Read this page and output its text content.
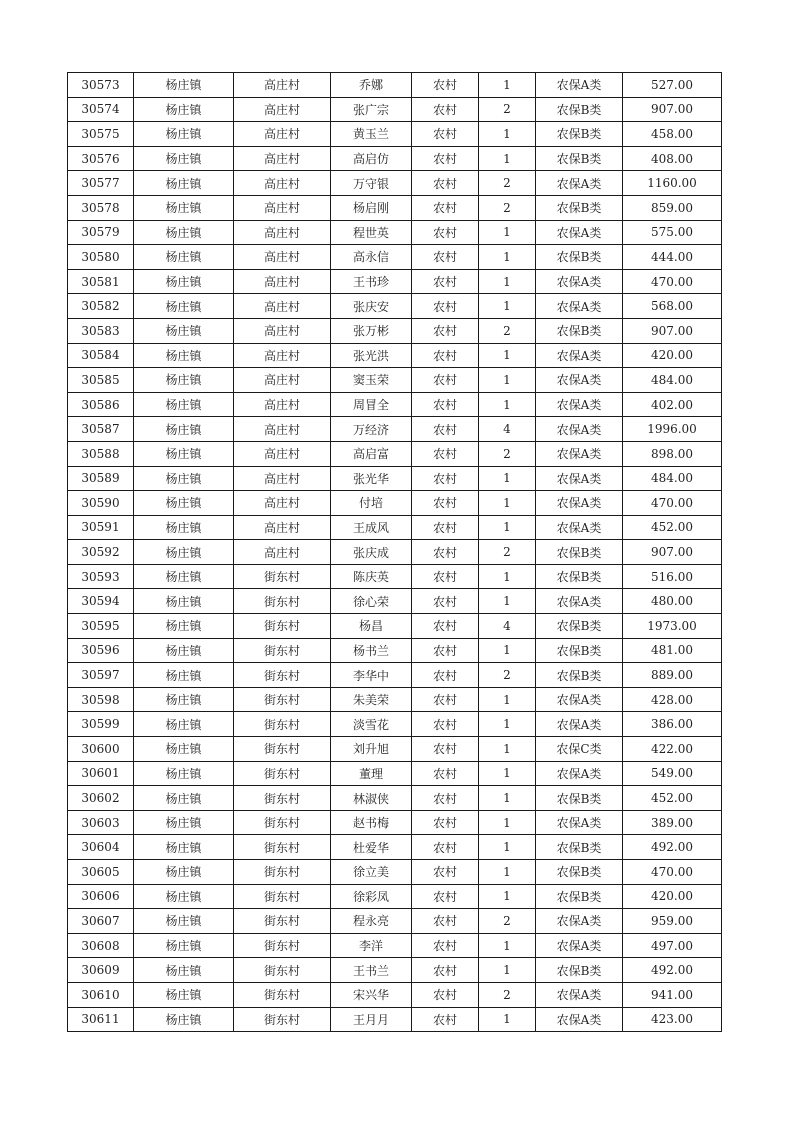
30573	杨庄镇	高庄村	乔娜	农村	1	农保A类	527.00
30574	杨庄镇	高庄村	张广宗	农村	2	农保B类	907.00
30575	杨庄镇	高庄村	黄玉兰	农村	1	农保B类	458.00
30576	杨庄镇	高庄村	高启仿	农村	1	农保B类	408.00
30577	杨庄镇	高庄村	万守银	农村	2	农保A类	1160.00
30578	杨庄镇	高庄村	杨启刚	农村	2	农保B类	859.00
30579	杨庄镇	高庄村	程世英	农村	1	农保A类	575.00
30580	杨庄镇	高庄村	高永信	农村	1	农保B类	444.00
30581	杨庄镇	高庄村	王书珍	农村	1	农保A类	470.00
30582	杨庄镇	高庄村	张庆安	农村	1	农保A类	568.00
30583	杨庄镇	高庄村	张万彬	农村	2	农保B类	907.00
30584	杨庄镇	高庄村	张光洪	农村	1	农保A类	420.00
30585	杨庄镇	高庄村	窦玉荣	农村	1	农保A类	484.00
30586	杨庄镇	高庄村	周冒全	农村	1	农保A类	402.00
30587	杨庄镇	高庄村	万经济	农村	4	农保A类	1996.00
30588	杨庄镇	高庄村	高启富	农村	2	农保A类	898.00
30589	杨庄镇	高庄村	张光华	农村	1	农保A类	484.00
30590	杨庄镇	高庄村	付培	农村	1	农保A类	470.00
30591	杨庄镇	高庄村	王成风	农村	1	农保A类	452.00
30592	杨庄镇	高庄村	张庆成	农村	2	农保B类	907.00
30593	杨庄镇	街东村	陈庆英	农村	1	农保B类	516.00
30594	杨庄镇	街东村	徐心荣	农村	1	农保A类	480.00
30595	杨庄镇	街东村	杨昌	农村	4	农保B类	1973.00
30596	杨庄镇	街东村	杨书兰	农村	1	农保B类	481.00
30597	杨庄镇	街东村	李华中	农村	2	农保B类	889.00
30598	杨庄镇	街东村	朱美荣	农村	1	农保A类	428.00
30599	杨庄镇	街东村	淡雪花	农村	1	农保A类	386.00
30600	杨庄镇	街东村	刘升旭	农村	1	农保C类	422.00
30601	杨庄镇	街东村	董理	农村	1	农保A类	549.00
30602	杨庄镇	街东村	林淑侠	农村	1	农保B类	452.00
30603	杨庄镇	街东村	赵书梅	农村	1	农保A类	389.00
30604	杨庄镇	街东村	杜爱华	农村	1	农保B类	492.00
30605	杨庄镇	街东村	徐立美	农村	1	农保B类	470.00
30606	杨庄镇	街东村	徐彩凤	农村	1	农保B类	420.00
30607	杨庄镇	街东村	程永亮	农村	2	农保A类	959.00
30608	杨庄镇	街东村	李洋	农村	1	农保A类	497.00
30609	杨庄镇	街东村	王书兰	农村	1	农保B类	492.00
30610	杨庄镇	街东村	宋兴华	农村	2	农保A类	941.00
30611	杨庄镇	街东村	王月月	农村	1	农保A类	423.00
